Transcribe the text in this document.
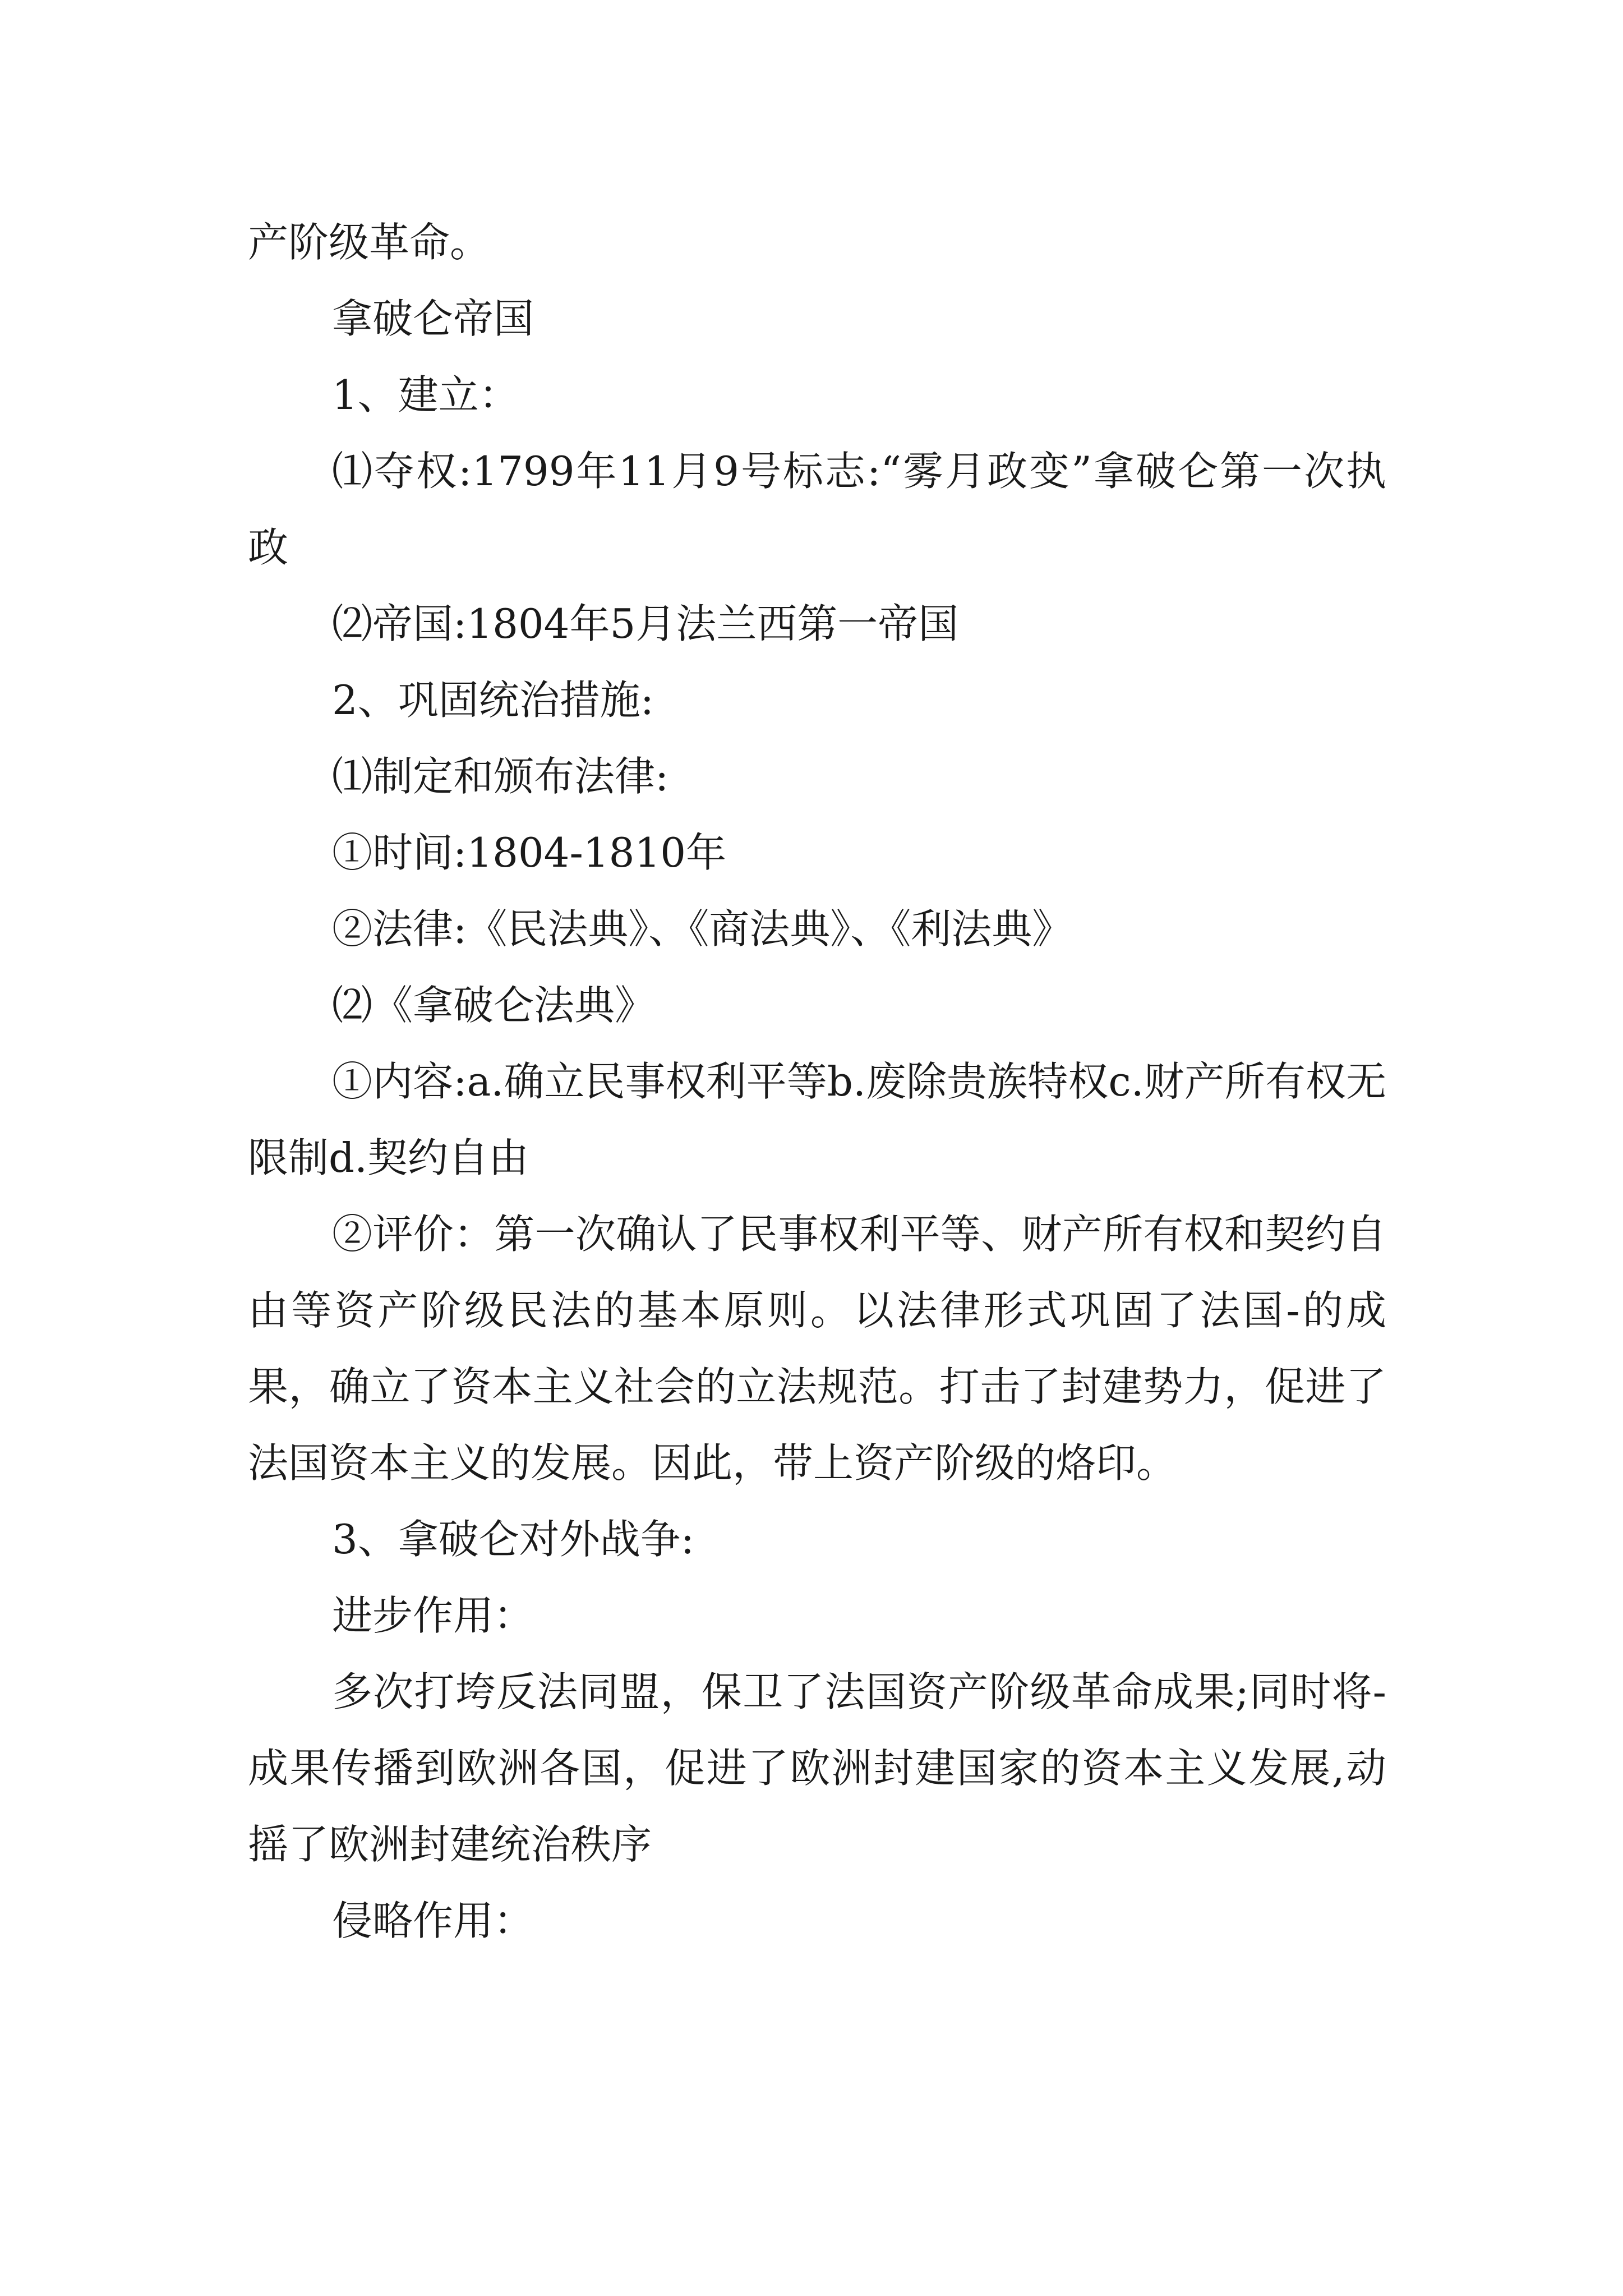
产阶级革命。

拿破仑帝国

1、建立：

⑴夺权:1799年11月9号标志:“雾月政变”拿破仑第一次执政

⑵帝国:1804年5月法兰西第一帝国

2、巩固统治措施:

⑴制定和颁布法律:

①时间:1804-1810年

②法律:《民法典》、《商法典》、《利法典》

⑵《拿破仑法典》

①内容:a.确立民事权利平等b.废除贵族特权c.财产所有权无限制d.契约自由

②评价：第一次确认了民事权利平等、财产所有权和契约自由等资产阶级民法的基本原则。以法律形式巩固了法国-的成果，确立了资本主义社会的立法规范。打击了封建势力，促进了法国资本主义的发展。因此，带上资产阶级的烙印。

3、拿破仑对外战争:

进步作用：

多次打垮反法同盟，保卫了法国资产阶级革命成果;同时将-成果传播到欧洲各国，促进了欧洲封建国家的资本主义发展,动摇了欧洲封建统治秩序

侵略作用：
